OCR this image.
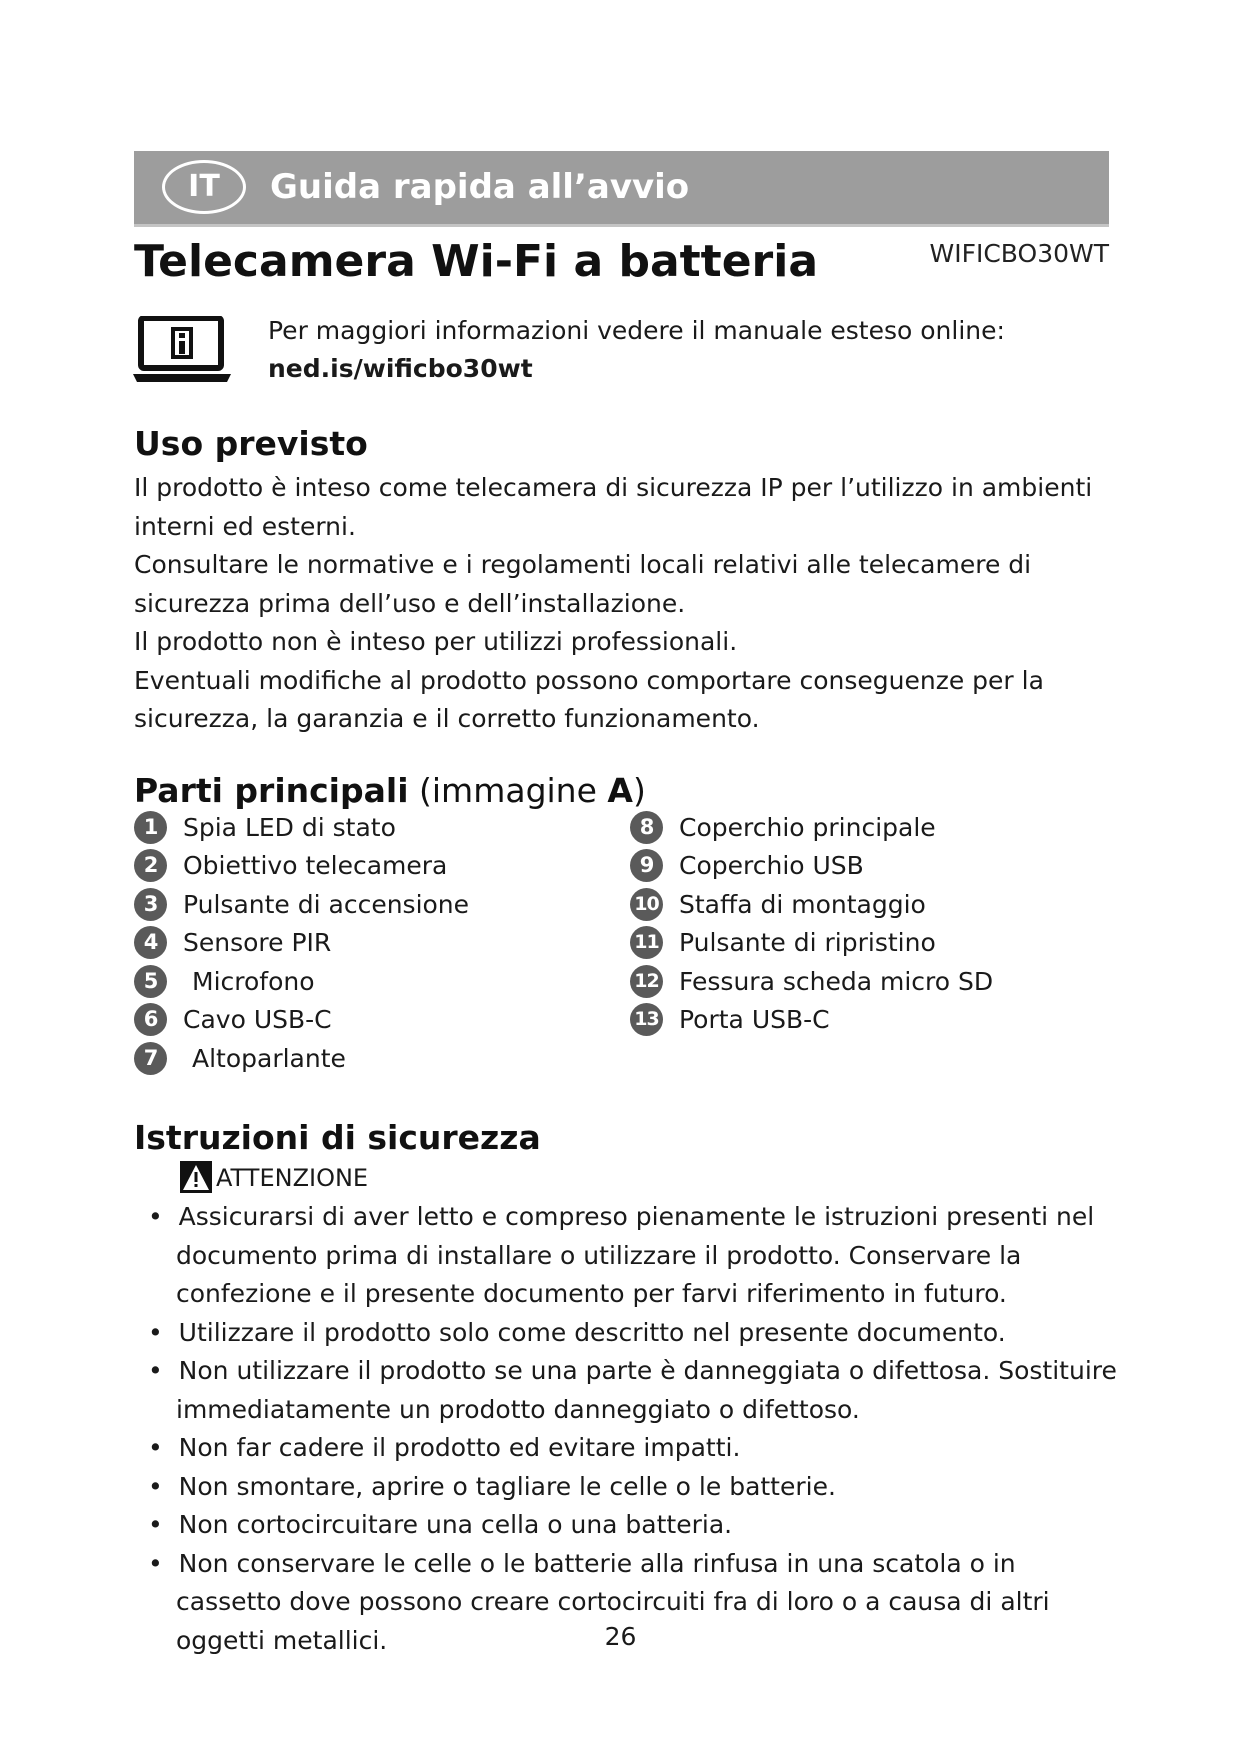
IT	Guida rapida all’avvio
Telecamera Wi-Fi a batteria	WIFICBO30WT
Per maggiori informazioni vedere il manuale esteso online:
ned.is/wificbo30wt
Uso previsto

Il prodotto è inteso come telecamera di sicurezza IP per l’utilizzo in ambienti interni ed esterni.

Consultare le normative e i regolamenti locali relativi alle telecamere di sicurezza prima dell’uso e dell’installazione.

Il prodotto non è inteso per utilizzi professionali.

Eventuali modifiche al prodotto possono comportare conseguenze per la sicurezza, la garanzia e il corretto funzionamento.

Parti principali (immagine A)
1	Spia LED di stato
2	Obiettivo telecamera
3	Pulsante di accensione
4	Sensore PIR
5	Microfono
6	Cavo USB-C
7	Altoparlante
8	Coperchio principale
9	Coperchio USB
10 Staffa di montaggio
11 Pulsante di ripristino
12 Fessura scheda micro SD
13 Porta USB-C
Istruzioni di sicurezza
ATTENZIONE
• Assicurarsi di aver letto e compreso pienamente le istruzioni presenti nel documento prima di installare o utilizzare il prodotto. Conservare la confezione e il presente documento per farvi riferimento in futuro.
• Utilizzare il prodotto solo come descritto nel presente documento.
• Non utilizzare il prodotto se una parte è danneggiata o difettosa. Sostituire immediatamente un prodotto danneggiato o difettoso.
• Non far cadere il prodotto ed evitare impatti.
• Non smontare, aprire o tagliare le celle o le batterie.
• Non cortocircuitare una cella o una batteria.
• Non conservare le celle o le batterie alla rinfusa in una scatola o in cassetto dove possono creare cortocircuiti fra di loro o a causa di altri oggetti metallici.	26
